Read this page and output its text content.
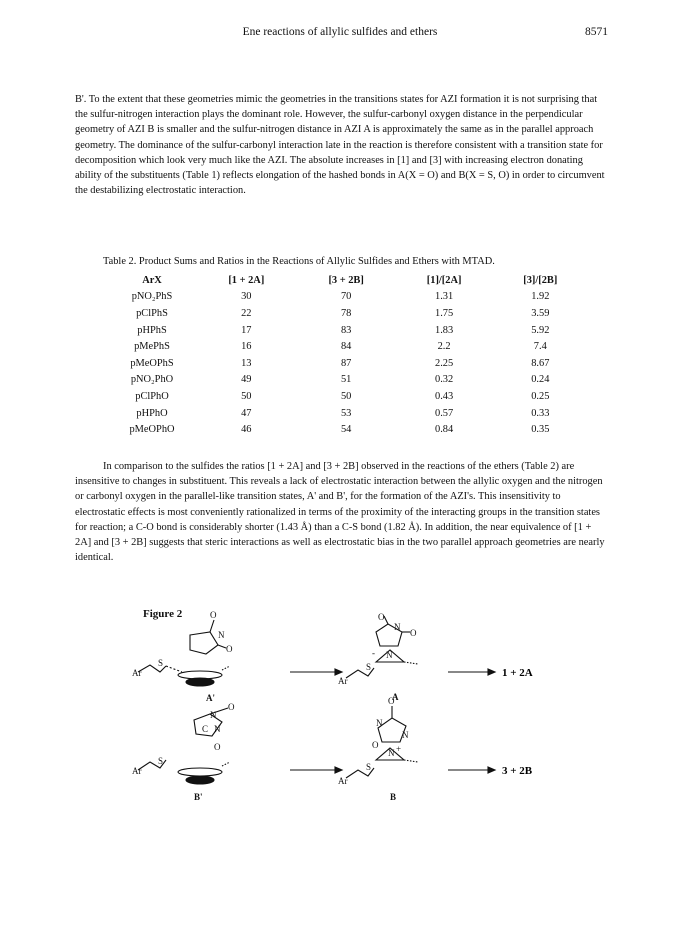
Ene reactions of allylic sulfides and ethers	8571

B'. To the extent that these geometries mimic the geometries in the transitions states for AZI formation it is not surprising that the sulfur-nitrogen interaction plays the dominant role. However, the sulfur-carbonyl oxygen distance in the perpendicular geometry of AZI B is smaller and the sulfur-nitrogen distance in AZI A is approximately the same as in the parallel approach geometry. The dominance of the sulfur-carbonyl interaction late in the reaction is therefore consistent with a transition state for decomposition which look very much like the AZI. The absolute increases in [1] and [3] with increasing electron donating ability of the substituents (Table 1) reflects elongation of the hashed bonds in A(X = O) and B(X = S, O) in order to circumvent the destabilizing electrostatic interaction.

Table 2. Product Sums and Ratios in the Reactions of Allylic Sulfides and Ethers with MTAD.
ArX	[1 + 2A]	[3 + 2B]	[1]/[2A]	[3]/[2B]
pNO₂PhS	30	70	1.31	1.92
pClPhS	22	78	1.75	3.59
pHPhS	17	83	1.83	5.92
pMePhS	16	84	2.2	7.4
pMeOPhS	13	87	2.25	8.67
pNO₂PhO	49	51	0.32	0.24
pClPhO	50	50	0.43	0.25
pHPhO	47	53	0.57	0.33
pMeOPhO	46	54	0.84	0.35

In comparison to the sulfides the ratios [1 + 2A] and [3 + 2B] observed in the reactions of the ethers (Table 2) are insensitive to changes in substituent. This reveals a lack of electrostatic interaction between the allylic oxygen and the nitrogen or carbonyl oxygen in the parallel-like transition states, A' and B', for the formation of the AZI's. This insensitivity to electrostatic effects is most conveniently rationalized in terms of the proximity of the interacting groups in the transition states for reaction; a C-O bond is considerably shorter (1.43 Å) than a C-S bond (1.82 Å). In addition, the near equivalence of [1 + 2A] and [3 + 2B] suggests that steric interactions as well as electrostatic bias in the two parallel approach geometries are nearly identical.

Figure 2
Ar
S
O
N
O
A'
Ar
S
O
N
O
- N
A
Ar
S
O
N
C N
O
B'
Ar
S
O
N
N
O
N +
B
1 + 2A
3 + 2B
